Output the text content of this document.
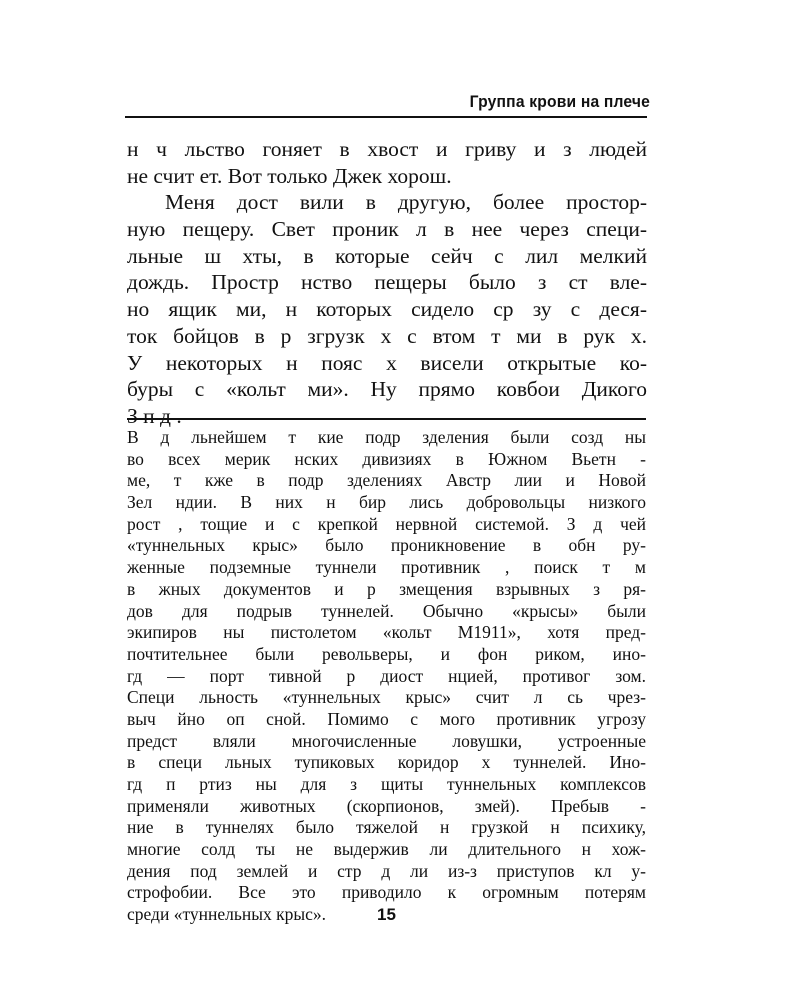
Группа крови на плече
н ч льство гоняет в хвост и гриву и з людей
не счит ет. Вот только Джек хорош.
Меня дост вили в другую, более простор-
ную пещеру. Свет проник л в нее через специ-
льные ш хты, в которые сейч с лил мелкий
дождь. Простр нство пещеры было з ст вле-
но ящик ми, н которых сидело ср зу с деся-
ток бойцов в р згрузк х с втом т ми в рук х.
У некоторых н пояс х висели открытые ко-
буры с «кольт ми». Ну прямо ковбои Дикого
З п д .
В д льнейшем т кие подр зделения были созд ны
во всех мерик нских дивизиях в Южном Вьетн -
ме, т кже в подр зделениях Австр лии и Новой
Зел ндии. В них н бир лись добровольцы низкого
рост , тощие и с крепкой нервной системой. З д чей
«туннельных крыс» было проникновение в обн ру-
женные подземные туннели противник , поиск т м
в жных документов и р змещения взрывных з ря-
дов для подрыв туннелей. Обычно «крысы» были
экипиров ны пистолетом «кольт M1911», хотя пред-
почтительнее были револьверы, и фон риком, ино-
гд — порт тивной р диост нцией, противог зом.
Специ льность «туннельных крыс» счит л сь чрез-
выч йно оп сной. Помимо с мого противник угрозу
предст вляли многочисленные ловушки, устроенные
в специ льных тупиковых коридор х туннелей. Ино-
гд п ртиз ны для з щиты туннельных комплексов
применяли животных (скорпионов, змей). Пребыв -
ние в туннелях было тяжелой н грузкой н психику,
многие солд ты не выдержив ли длительного н хож-
дения под землей и стр д ли из-з приступов кл у-
строфобии. Все это приводило к огромным потерям
среди «туннельных крыс».	15
